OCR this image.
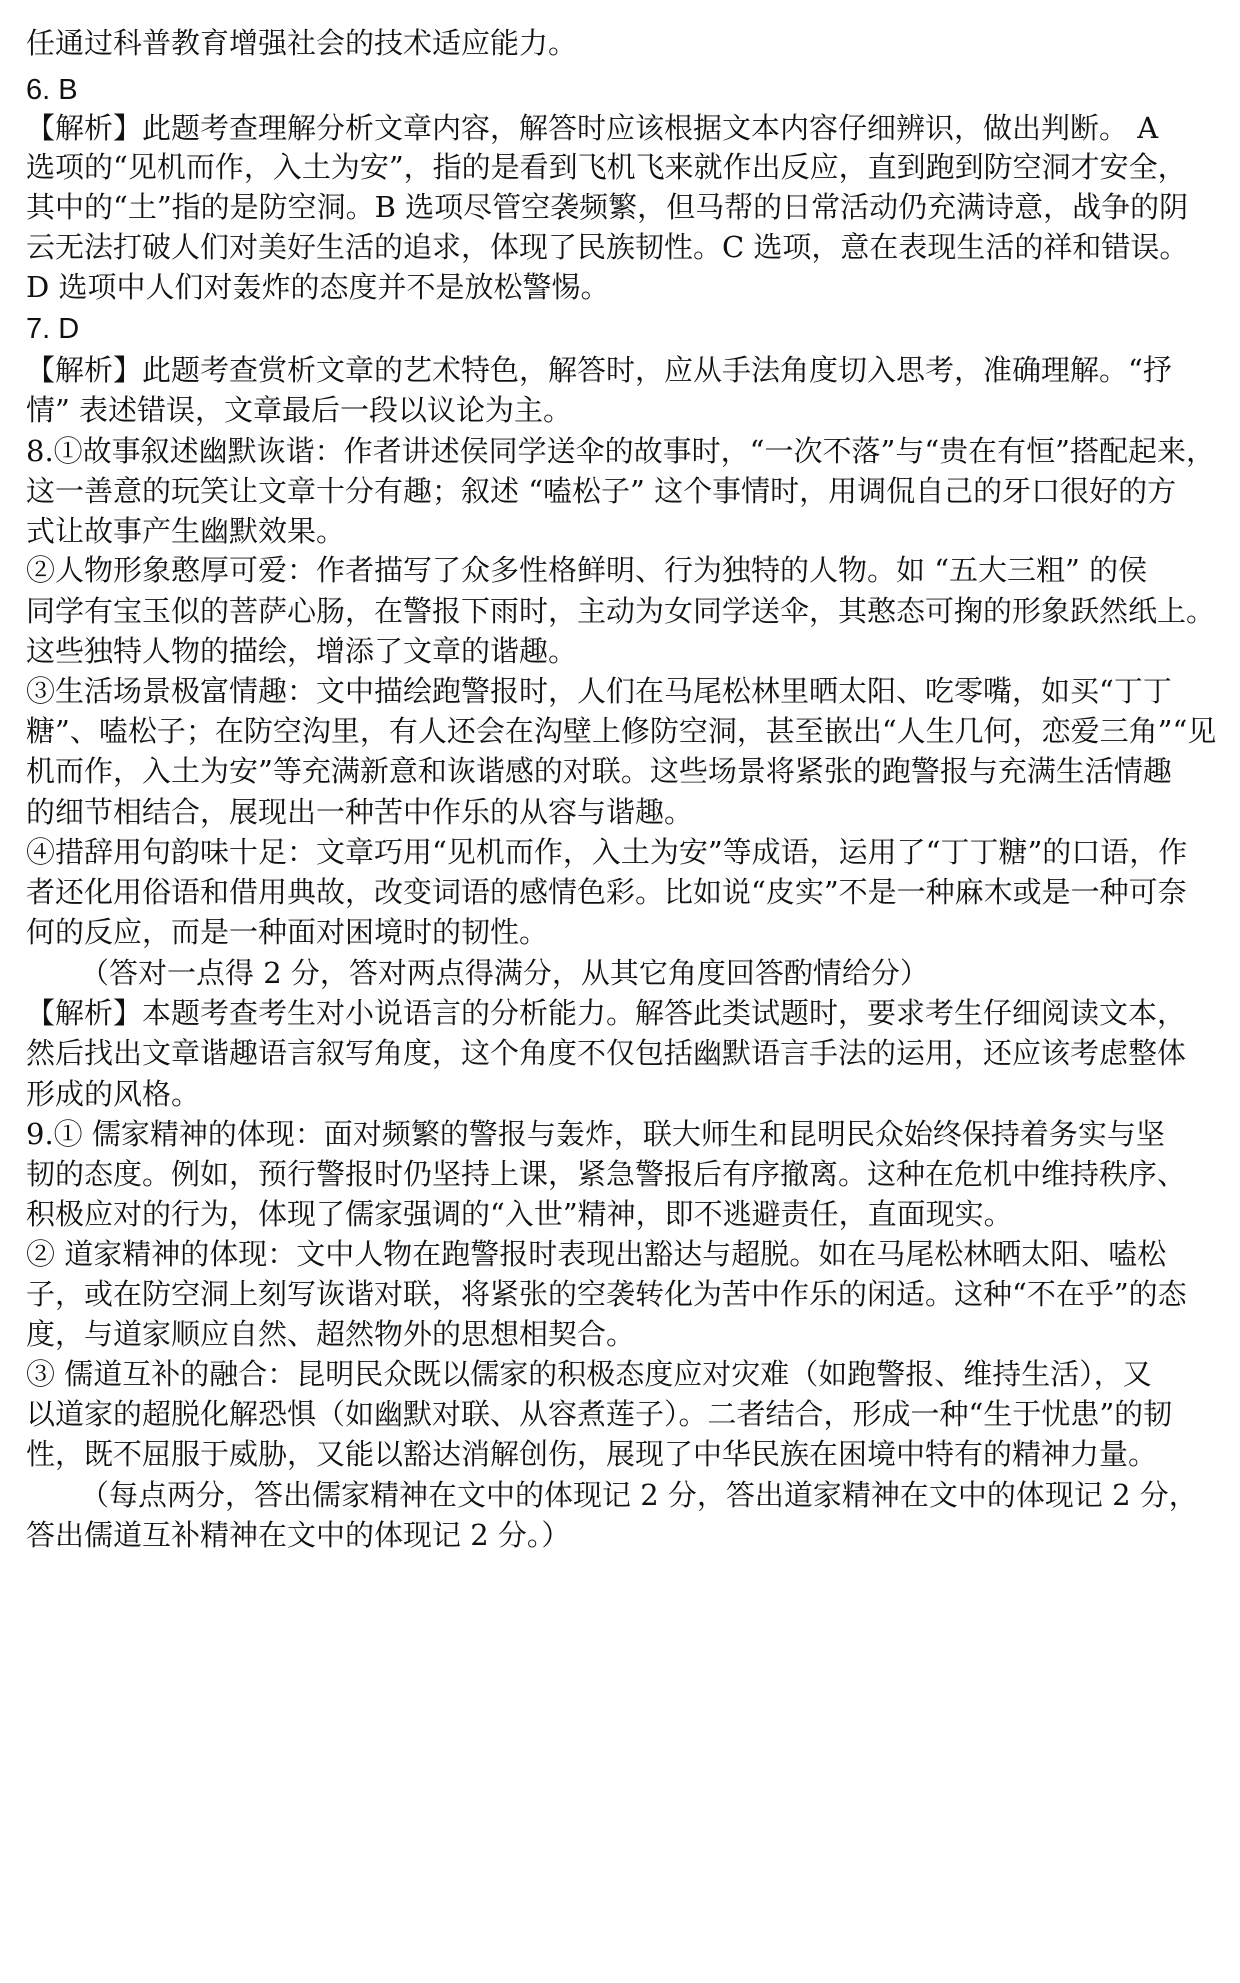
任通过科普教育增强社会的技术适应能力。
6. B
【解析】此题考查理解分析文章内容，解答时应该根据文本内容仔细辨识，做出判断。 A
选项的“见机而作，入土为安”，指的是看到飞机飞来就作出反应，直到跑到防空洞才安全，
其中的“土”指的是防空洞。B 选项尽管空袭频繁，但马帮的日常活动仍充满诗意，战争的阴
云无法打破人们对美好生活的追求，体现了民族韧性。C 选项，意在表现生活的祥和错误。
D 选项中人们对轰炸的态度并不是放松警惕。
7. D
【解析】此题考查赏析文章的艺术特色，解答时，应从手法角度切入思考，准确理解。“抒
情” 表述错误，文章最后一段以议论为主。
8.①故事叙述幽默诙谐：作者讲述侯同学送伞的故事时，“一次不落”与“贵在有恒”搭配起来，
这一善意的玩笑让文章十分有趣；叙述 “嗑松子” 这个事情时，用调侃自己的牙口很好的方
式让故事产生幽默效果。
②人物形象憨厚可爱：作者描写了众多性格鲜明、行为独特的人物。如 “五大三粗” 的侯
同学有宝玉似的菩萨心肠，在警报下雨时，主动为女同学送伞，其憨态可掬的形象跃然纸上。
这些独特人物的描绘，增添了文章的谐趣。
③生活场景极富情趣：文中描绘跑警报时，人们在马尾松林里晒太阳、吃零嘴，如买“丁丁
糖”、嗑松子；在防空沟里，有人还会在沟壁上修防空洞，甚至嵌出“人生几何，恋爱三角”“见
机而作，入土为安”等充满新意和诙谐感的对联。这些场景将紧张的跑警报与充满生活情趣
的细节相结合，展现出一种苦中作乐的从容与谐趣。
④措辞用句韵味十足：文章巧用“见机而作，入土为安”等成语，运用了“丁丁糖”的口语，作
者还化用俗语和借用典故，改变词语的感情色彩。比如说“皮实”不是一种麻木或是一种可奈
何的反应，而是一种面对困境时的韧性。
（答对一点得 2 分，答对两点得满分，从其它角度回答酌情给分）
【解析】本题考查考生对小说语言的分析能力。解答此类试题时，要求考生仔细阅读文本，
然后找出文章谐趣语言叙写角度，这个角度不仅包括幽默语言手法的运用，还应该考虑整体
形成的风格。
9.① 儒家精神的体现：面对频繁的警报与轰炸，联大师生和昆明民众始终保持着务实与坚
韧的态度。例如，预行警报时仍坚持上课，紧急警报后有序撤离。这种在危机中维持秩序、
积极应对的行为，体现了儒家强调的“入世”精神，即不逃避责任，直面现实。
② 道家精神的体现：文中人物在跑警报时表现出豁达与超脱。如在马尾松林晒太阳、嗑松
子，或在防空洞上刻写诙谐对联，将紧张的空袭转化为苦中作乐的闲适。这种“不在乎”的态
度，与道家顺应自然、超然物外的思想相契合。
③ 儒道互补的融合：昆明民众既以儒家的积极态度应对灾难（如跑警报、维持生活），又
以道家的超脱化解恐惧（如幽默对联、从容煮莲子）。二者结合，形成一种“生于忧患”的韧
性，既不屈服于威胁，又能以豁达消解创伤，展现了中华民族在困境中特有的精神力量。
（每点两分，答出儒家精神在文中的体现记 2 分，答出道家精神在文中的体现记 2 分，
答出儒道互补精神在文中的体现记 2 分。）
